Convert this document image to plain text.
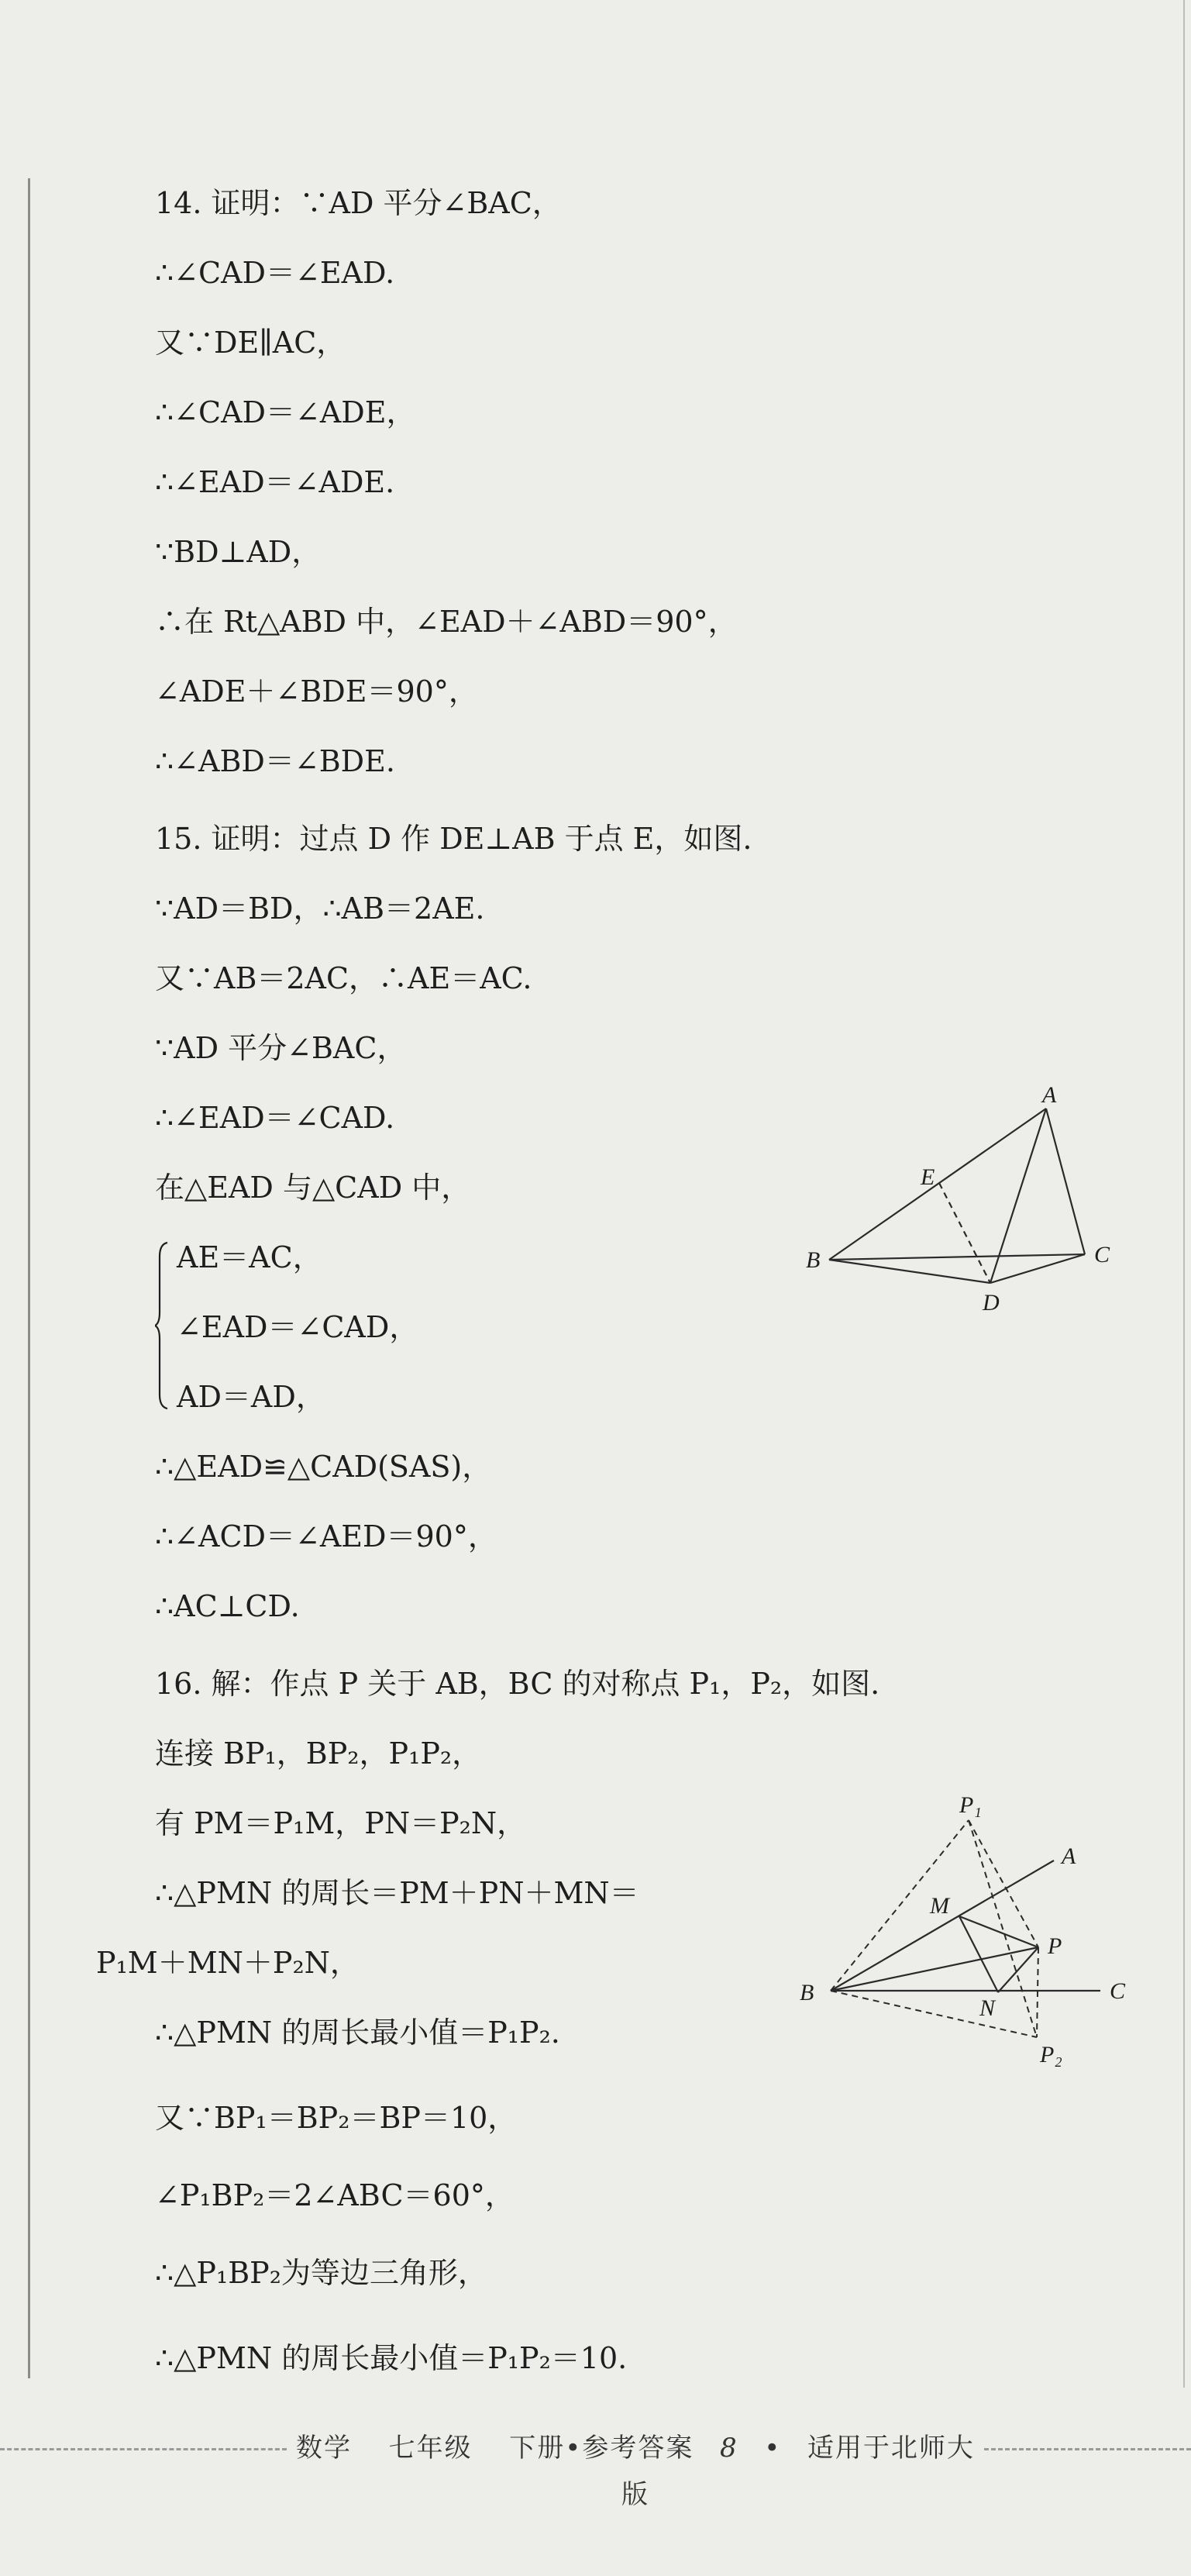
14. 证明：∵AD 平分∠BAC，
∴∠CAD＝∠EAD.
又∵DE∥AC，
∴∠CAD＝∠ADE，
∴∠EAD＝∠ADE.
∵BD⊥AD，
∴在 Rt△ABD 中，∠EAD＋∠ABD＝90°，
∠ADE＋∠BDE＝90°，
∴∠ABD＝∠BDE.
15. 证明：过点 D 作 DE⊥AB 于点 E，如图.
∵AD＝BD，∴AB＝2AE.
又∵AB＝2AC，∴AE＝AC.
∵AD 平分∠BAC，
∴∠EAD＝∠CAD.
在△EAD 与△CAD 中，
AE＝AC，
∠EAD＝∠CAD，
AD＝AD，
∴△EAD≌△CAD(SAS)，
∴∠ACD＝∠AED＝90°，
∴AC⊥CD.
A
E
B	C
D
16. 解：作点 P 关于 AB，BC 的对称点 P₁，P₂，如图.
连接 BP₁，BP₂，P₁P₂，
有 PM＝P₁M，PN＝P₂N，
∴△PMN 的周长＝PM＋PN＋MN＝
P₁M＋MN＋P₂N，
∴△PMN 的周长最小值＝P₁P₂.
又∵BP₁＝BP₂＝BP＝10，
∠P₁BP₂＝2∠ABC＝60°，
∴△P₁BP₂为等边三角形，
∴△PMN 的周长最小值＝P₁P₂＝10.
P₁
A
M
P
B
N
C
P₂
数学 七年级 下册•参考答案 8 • 适用于北师大版
